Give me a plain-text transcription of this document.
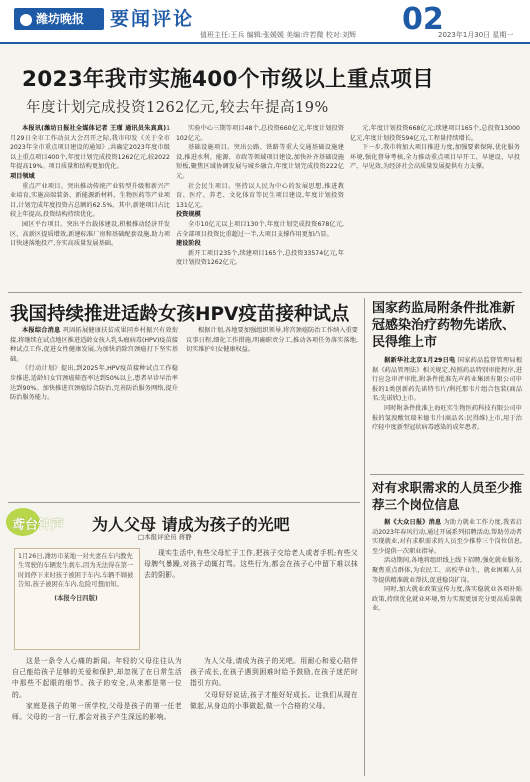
潍坊晚报	要闻评论
值班主任:王兵 编辑:张媛媛 美编:许若微 校对:刘辉 02
2023年1月30日 星期一
2023年我市实施400个市级以上重点项目
年度计划完成投资1262亿元,较去年提高19%

本报讯(潍坊日报社全媒体记者 王瑾 通讯员朱真真)1月29日全市工作动员大会召开之际,我市印发《关于全市2023年全市重点项目建设的通知》,共确定2023年度市级以上重点项目400个,年度计划完成投资1262亿元,较2022年提高19%。项目质量和结构更加优化。

项目领域

重点产业项目。突出推动传统产业转型升级和新兴产业培育,实施高端装备、新能源新材料、生物医药等产业项目,计划完成年度投资占总额的62.5%。其中,新建项目占比较上年提高,投资结构持续优化。

园区平台项目。突出平台载体建设,积极推动经济开发区、高新区提质增效,新建标准厂房和基础配套设施,助力项目快速落地投产,夯实高质量发展基础。

实验中心三期等项目48个,总投资660亿元,年度计划投资102亿元。

基础设施项目。突出公路、铁路等重大交通基础设施建设,推进水利、能源、市政等领域项目建设,加快补齐基础设施短板,聚焦区域协调发展与城乡融合,年度计划完成投资222亿元。

社会民生项目。坚持以人民为中心的发展思想,推进教育、医疗、养老、文化体育等民生项目建设,年度计划投资131亿元。

投资规模

全市10亿元以上项目130个,年度计划完成投资678亿元,占全部项目投资比重超过一半,大项目支撑作用更加凸显。

建设阶段

新开工项目235个,续建项目165个,总投资33574亿元,年度计划投资1262亿元。

元,年度计划投资668亿元;续建项目165个,总投资13000亿元,年度计划投资594亿元,工程量持续增长。

下一步,我市将加大项目推进力度,加强要素保障,优化服务环境,强化督导考核,全力推动重点项目早开工、早建设、早投产、早见效,为经济社会高质量发展提供有力支撑。

我国持续推进适龄女孩HPV疫苗接种试点

本报综合消息 巩固拓展健康扶贫成果同乡村振兴有效衔接,将继续在试点地区推进适龄女孩人乳头瘤病毒(HPV)疫苗接种试点工作,促进女性健康发展,为加快消除宫颈癌打下坚实基础。

《行动计划》提出,到2025年,HPV疫苗接种试点工作稳步推进,适龄妇女宫颈癌筛查率达到50%以上,患者早诊早治率达到90%。加快推进宫颈癌综合防治,完善防治服务网络,提升防治服务能力。

根据计划,各地要加强组织领导,将宫颈癌防治工作纳入重要议事日程,细化工作措施,明确职责分工,推动各项任务落实落地,切实维护妇女健康权益。

国家药监局附条件批准新冠感染治疗药物先诺欣、民得维上市

据新华社北京1月29日电 国家药品监督管理局根据《药品管理法》相关规定,按照药品特别审批程序,进行应急审评审批,附条件批准先声药业集团有限公司申报的1类创新药先诺特韦片/利托那韦片组合包装(商品名:先诺欣)上市。

同时附条件批准上海旺实生物医药科技有限公司申报的氢溴酸氘瑞米德韦片(商品名:民得维)上市,用于治疗轻中度新型冠状病毒感染的成年患者。

对有求职需求的人员至少推荐三个岗位信息

据《大众日报》消息 为助力就业工作力度,我省启动2023年春风行动,通过开展系列招聘活动,帮助劳动者实现就业,对有求职需求的人员至少推荐三个岗位信息,至少提供一次职业指导。

活动期间,各地将组织线上线下招聘,强化就业服务,聚焦重点群体,为农民工、高校毕业生、就业困难人员等提供精准就业帮扶,促进稳岗扩岗。

同时,加大就业政策宣传力度,落实稳就业各项补贴政策,持续优化就业环境,努力实现更加充分更高质量就业。

鸢台钟声 为人父母 请成为孩子的光吧
□本报评论员 蒋静
1月26日,潍坊市某地一对夫妻在车内教先生驾驶的车辆发生刹车,因为无法得在第一时间停下来时孩子被困于车内,车辆不顾被告知,孩子被困在车内,危险可想而知。
(本报今日四版)

现实生活中,有些父母忙于工作,把孩子交给老人或者手机;有些父母脾气暴躁,对孩子动辄打骂。这些行为,都会在孩子心中留下难以抹去的阴影。

这是一条令人心痛的新闻。年轻的父母往往认为自己能给孩子足够的关爱和保护,却忽视了在日常生活中那些不起眼的细节。孩子的安全,从来都是第一位的。

家庭是孩子的第一所学校,父母是孩子的第一任老师。父母的一言一行,都会对孩子产生深远的影响。

为人父母,请成为孩子的光吧。用耐心和爱心陪伴孩子成长,在孩子遇到困难时给予鼓励,在孩子迷茫时指引方向。

父母好好说话,孩子才能好好成长。让我们从现在做起,从身边的小事做起,做一个合格的父母。
